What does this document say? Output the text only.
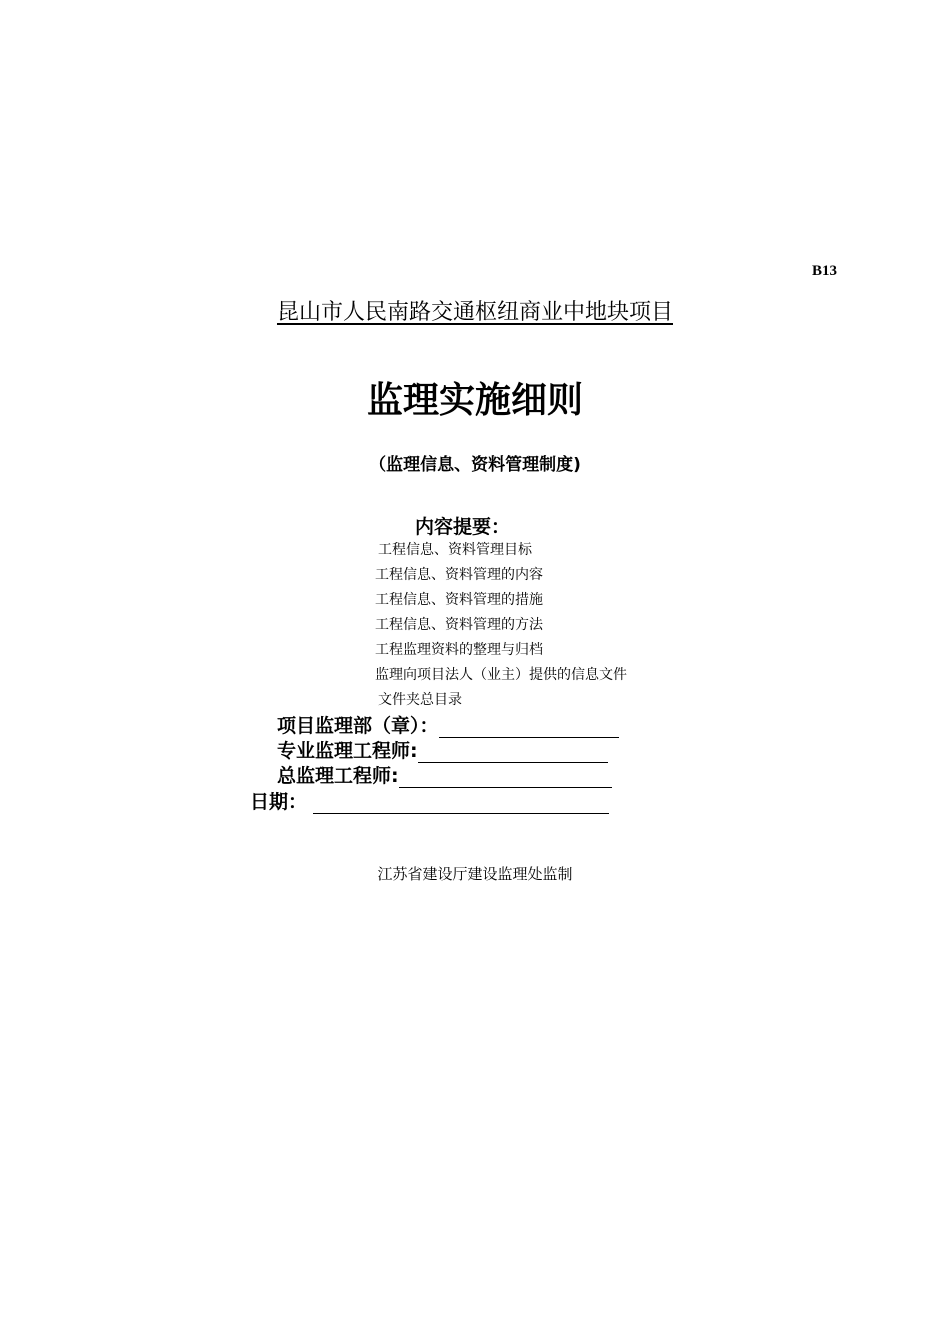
B13
昆山市人民南路交通枢纽商业中地块项目
监理实施细则
（监理信息、资料管理制度)
内容提要：
工程信息、资料管理目标
工程信息、资料管理的内容
工程信息、资料管理的措施
工程信息、资料管理的方法
工程监理资料的整理与归档
监理向项目法人（业主）提供的信息文件
文件夹总目录
项目监理部（章）：
专业监理工程师:
总监理工程师:
日期：
江苏省建设厅建设监理处监制
